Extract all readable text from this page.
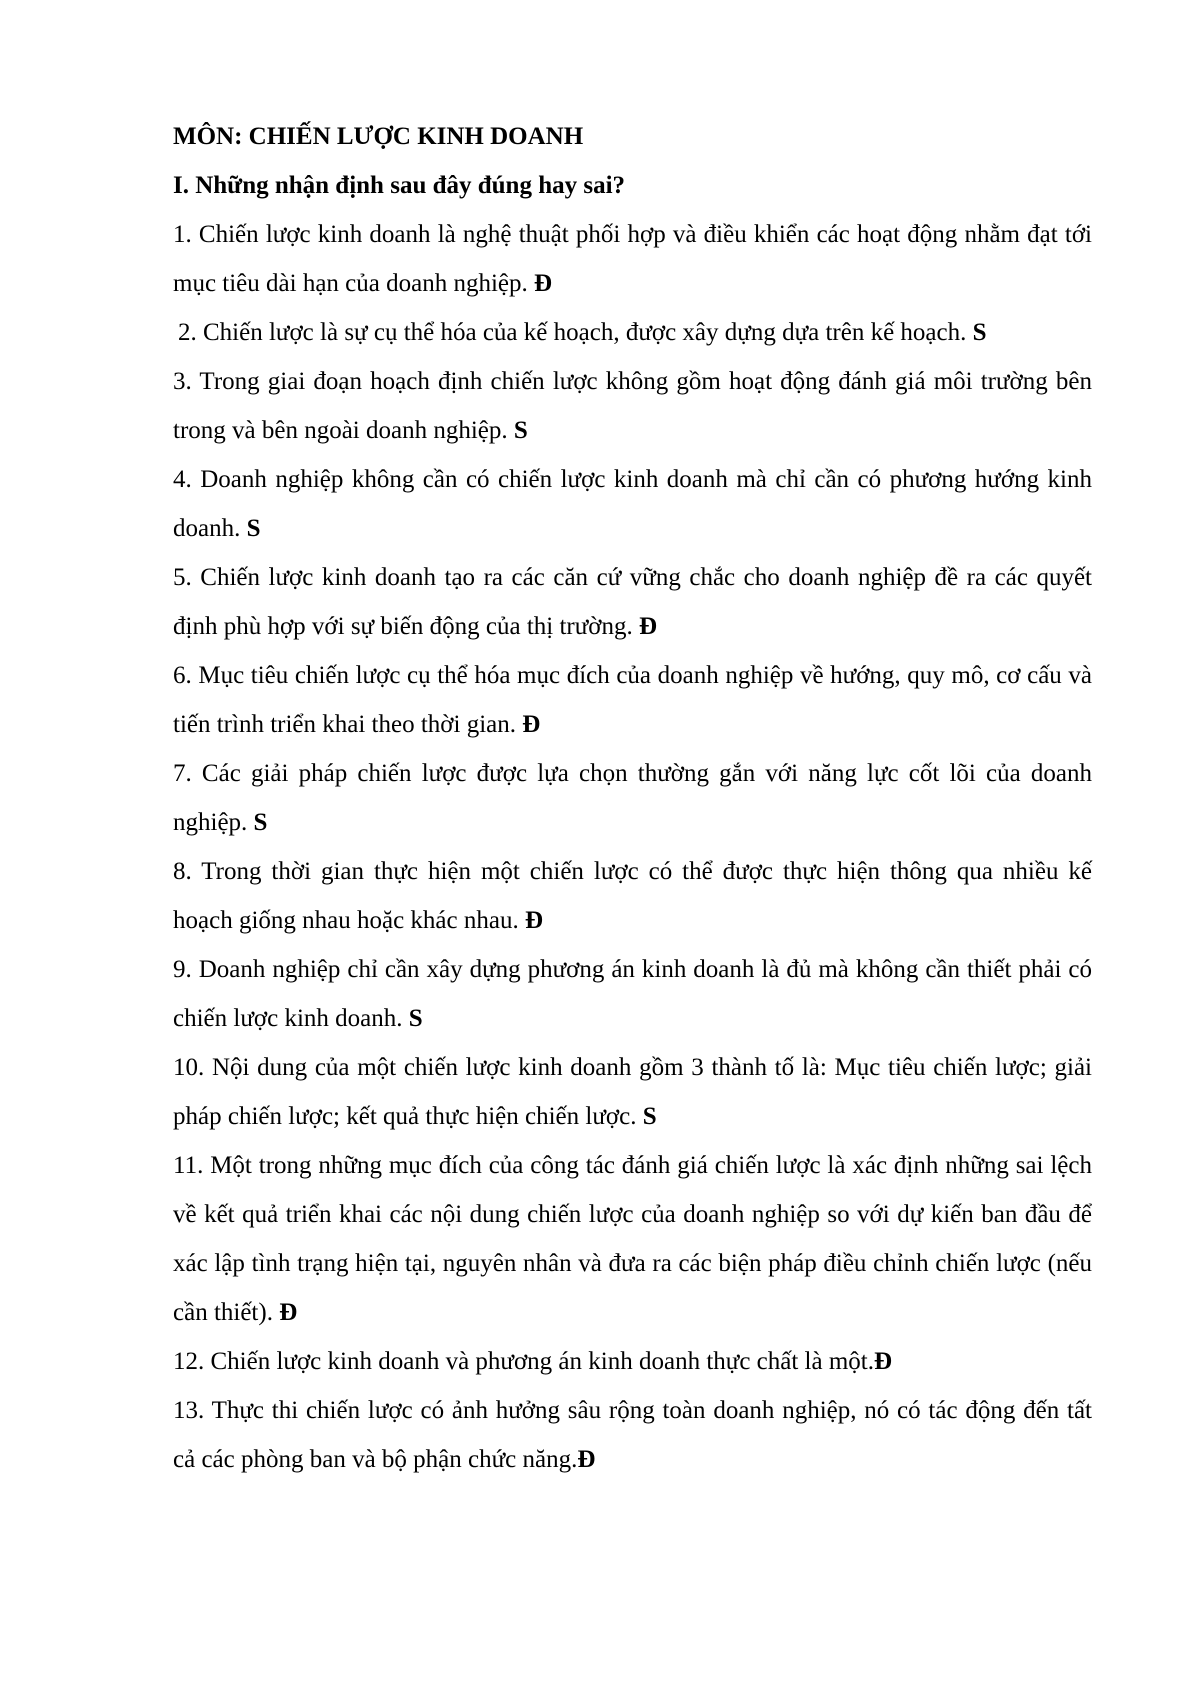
MÔN: CHIẾN LƯỢC KINH DOANH

I. Những nhận định sau đây đúng hay sai?

1. Chiến lược kinh doanh là nghệ thuật phối hợp và điều khiển các hoạt động nhằm đạt tới mục tiêu dài hạn của doanh nghiệp. Đ

2. Chiến lược là sự cụ thể hóa của kế hoạch, được xây dựng dựa trên kế hoạch. S

3. Trong giai đoạn hoạch định chiến lược không gồm hoạt động đánh giá môi trường bên trong và bên ngoài doanh nghiệp. S

4. Doanh nghiệp không cần có chiến lược kinh doanh mà chỉ cần có phương hướng kinh doanh. S

5. Chiến lược kinh doanh tạo ra các căn cứ vững chắc cho doanh nghiệp đề ra các quyết định phù hợp với sự biến động của thị trường. Đ

6. Mục tiêu chiến lược cụ thể hóa mục đích của doanh nghiệp về hướng, quy mô, cơ cấu và tiến trình triển khai theo thời gian. Đ

7. Các giải pháp chiến lược được lựa chọn thường gắn với năng lực cốt lõi của doanh nghiệp. S

8. Trong thời gian thực hiện một chiến lược có thể được thực hiện thông qua nhiều kế hoạch giống nhau hoặc khác nhau. Đ

9. Doanh nghiệp chỉ cần xây dựng phương án kinh doanh là đủ mà không cần thiết phải có chiến lược kinh doanh. S

10. Nội dung của một chiến lược kinh doanh gồm 3 thành tố là: Mục tiêu chiến lược; giải pháp chiến lược; kết quả thực hiện chiến lược. S

11. Một trong những mục đích của công tác đánh giá chiến lược là xác định những sai lệch về kết quả triển khai các nội dung chiến lược của doanh nghiệp so với dự kiến ban đầu để xác lập tình trạng hiện tại, nguyên nhân và đưa ra các biện pháp điều chỉnh chiến lược (nếu cần thiết). Đ

12. Chiến lược kinh doanh và phương án kinh doanh thực chất là một.Đ

13. Thực thi chiến lược có ảnh hưởng sâu rộng toàn doanh nghiệp, nó có tác động đến tất cả các phòng ban và bộ phận chức năng.Đ
